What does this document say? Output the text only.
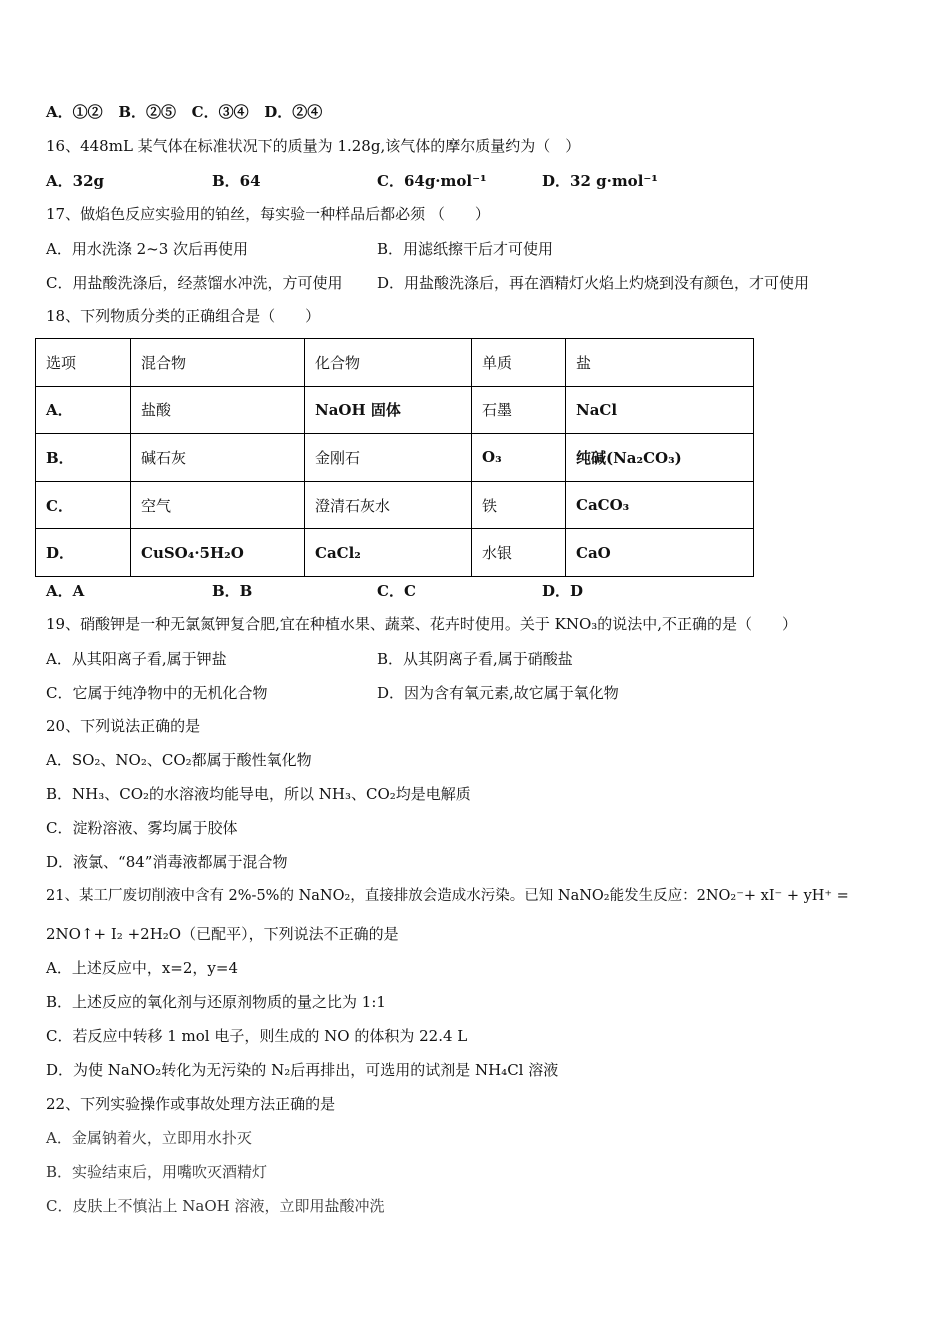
A．①② B．②⑤ C．③④ D．②④
16、448mL 某气体在标准状况下的质量为 1.28g,该气体的摩尔质量约为（　）
A．32g	B．64	C．64g·mol⁻¹	D．32 g·mol⁻¹
17、做焰色反应实验用的铂丝，每实验一种样品后都必须 （　　）
A．用水洗涤 2~3 次后再使用	B．用滤纸擦干后才可使用
C．用盐酸洗涤后，经蒸馏水冲洗，方可使用 D．用盐酸洗涤后，再在酒精灯火焰上灼烧到没有颜色，才可使用
18、下列物质分类的正确组合是（　　）
选项	混合物	化合物	单质	盐
A．	盐酸	NaOH 固体	石墨	NaCl
B．	碱石灰	金刚石	O₃	纯碱(Na₂CO₃)
C．	空气	澄清石灰水	铁	CaCO₃
D．	CuSO₄·5H₂O	CaCl₂	水银	CaO
A．A	B．B	C．C	D．D
19、硝酸钾是一种无氯氮钾复合肥,宜在种植水果、蔬菜、花卉时使用。关于 KNO₃的说法中,不正确的是（　　）
A．从其阳离子看,属于钾盐	B．从其阴离子看,属于硝酸盐
C．它属于纯净物中的无机化合物	D．因为含有氧元素,故它属于氧化物
20、下列说法正确的是
A．SO₂、NO₂、CO₂都属于酸性氧化物
B．NH₃、CO₂的水溶液均能导电，所以 NH₃、CO₂均是电解质
C．淀粉溶液、雾均属于胶体
D．液氯、“84”消毒液都属于混合物
21、某工厂废切削液中含有 2%-5%的 NaNO₂，直接排放会造成水污染。已知 NaNO₂能发生反应：2NO₂⁻+ xI⁻ + yH⁺ =
2NO↑+ I₂ +2H₂O（已配平），下列说法不正确的是
A．上述反应中，x=2，y=4
B．上述反应的氧化剂与还原剂物质的量之比为 1:1
C．若反应中转移 1 mol 电子，则生成的 NO 的体积为 22.4 L
D．为使 NaNO₂转化为无污染的 N₂后再排出，可选用的试剂是 NH₄Cl 溶液
22、下列实验操作或事故处理方法正确的是
A．金属钠着火，立即用水扑灭
B．实验结束后，用嘴吹灭酒精灯
C．皮肤上不慎沾上 NaOH 溶液，立即用盐酸冲洗
